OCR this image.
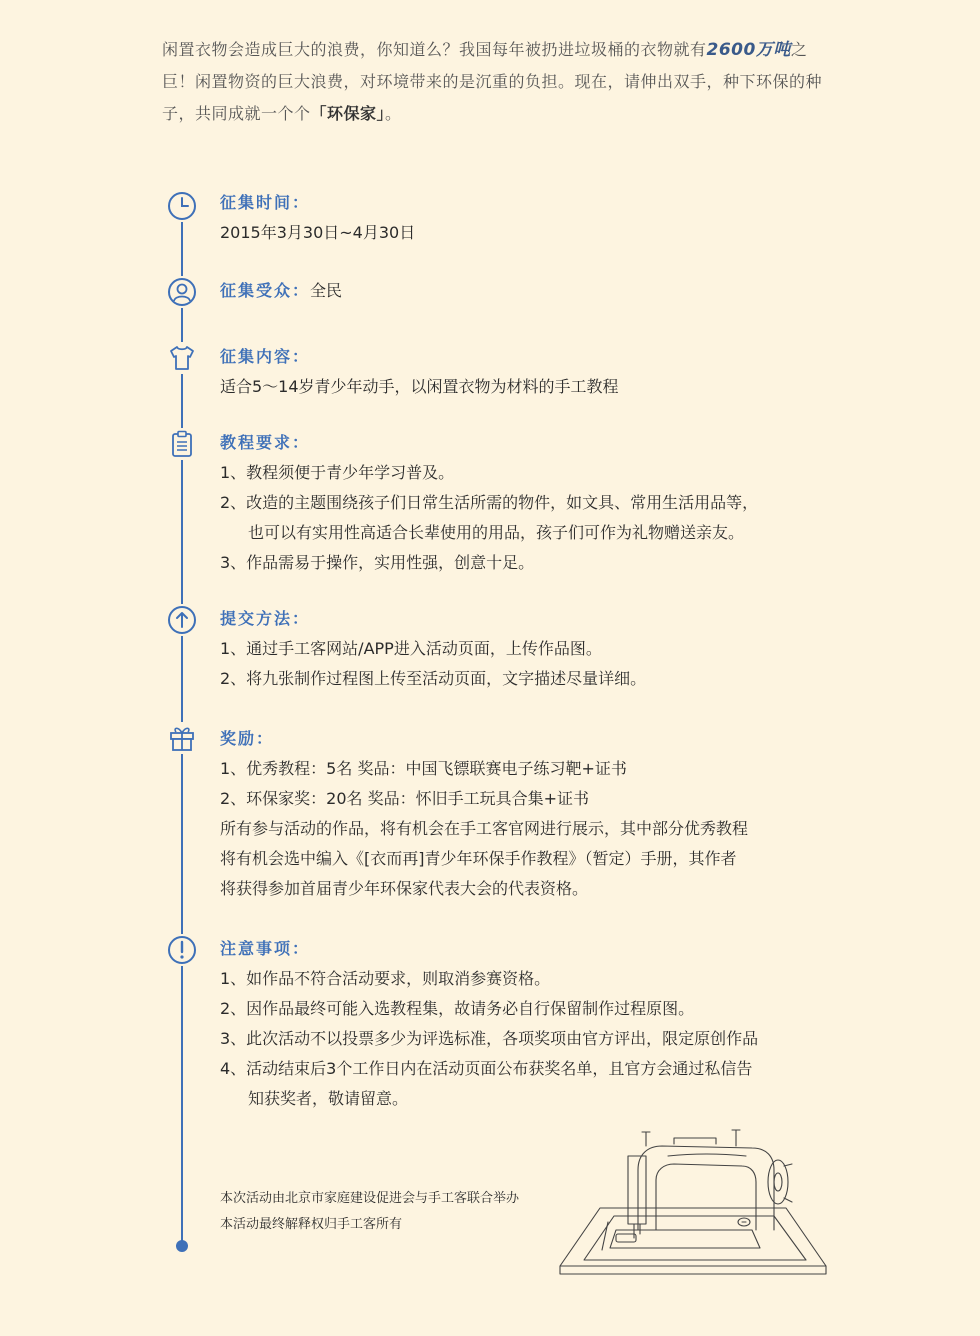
闲置衣物会造成巨大的浪费，你知道么？我国每年被扔进垃圾桶的衣物就有2600万吨之巨！闲置物资的巨大浪费，对环境带来的是沉重的负担。现在，请伸出双手，种下环保的种子，共同成就一个个「环保家」。
征集时间：
2015年3月30日~4月30日
征集受众：全民
征集内容：
适合5～14岁青少年动手，以闲置衣物为材料的手工教程
教程要求：
1、教程须便于青少年学习普及。
2、改造的主题围绕孩子们日常生活所需的物件，如文具、常用生活用品等，
也可以有实用性高适合长辈使用的用品，孩子们可作为礼物赠送亲友。
3、作品需易于操作，实用性强，创意十足。
提交方法：
1、通过手工客网站/APP进入活动页面，上传作品图。
2、将九张制作过程图上传至活动页面，文字描述尽量详细。
奖励：
1、优秀教程：5名 奖品：中国飞镖联赛电子练习靶+证书
2、环保家奖：20名 奖品：怀旧手工玩具合集+证书
所有参与活动的作品，将有机会在手工客官网进行展示，其中部分优秀教程
将有机会选中编入《[衣而再]青少年环保手作教程》（暂定）手册，其作者
将获得参加首届青少年环保家代表大会的代表资格。
注意事项：
1、如作品不符合活动要求，则取消参赛资格。
2、因作品最终可能入选教程集，故请务必自行保留制作过程原图。
3、此次活动不以投票多少为评选标准，各项奖项由官方评出，限定原创作品
4、活动结束后3个工作日内在活动页面公布获奖名单，且官方会通过私信告
知获奖者，敬请留意。
本次活动由北京市家庭建设促进会与手工客联合举办
本活动最终解释权归手工客所有
